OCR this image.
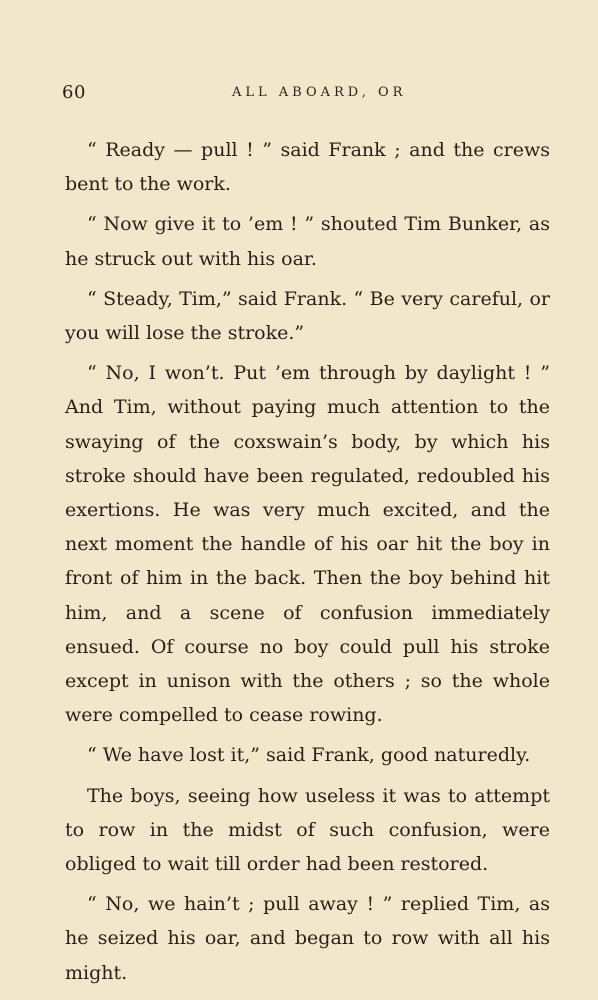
60	ALL ABOARD, OR

“ Ready — pull ! ” said Frank ; and the crews bent to the work.

“ Now give it to ’em ! ” shouted Tim Bunker, as he struck out with his oar.

“ Steady, Tim,” said Frank. “ Be very careful, or you will lose the stroke.”

“ No, I won’t. Put ’em through by daylight ! ” And Tim, without paying much attention to the swaying of the coxswain’s body, by which his stroke should have been regulated, redoubled his exertions. He was very much excited, and the next moment the handle of his oar hit the boy in front of him in the back. Then the boy behind hit him, and a scene of confusion immediately ensued. Of course no boy could pull his stroke except in unison with the others ; so the whole were compelled to cease rowing.

“ We have lost it,” said Frank, good naturedly.

The boys, seeing how useless it was to attempt to row in the midst of such confusion, were obliged to wait till order had been restored.

“ No, we hain’t ; pull away ! ” replied Tim, as he seized his oar, and began to row with all his might.
